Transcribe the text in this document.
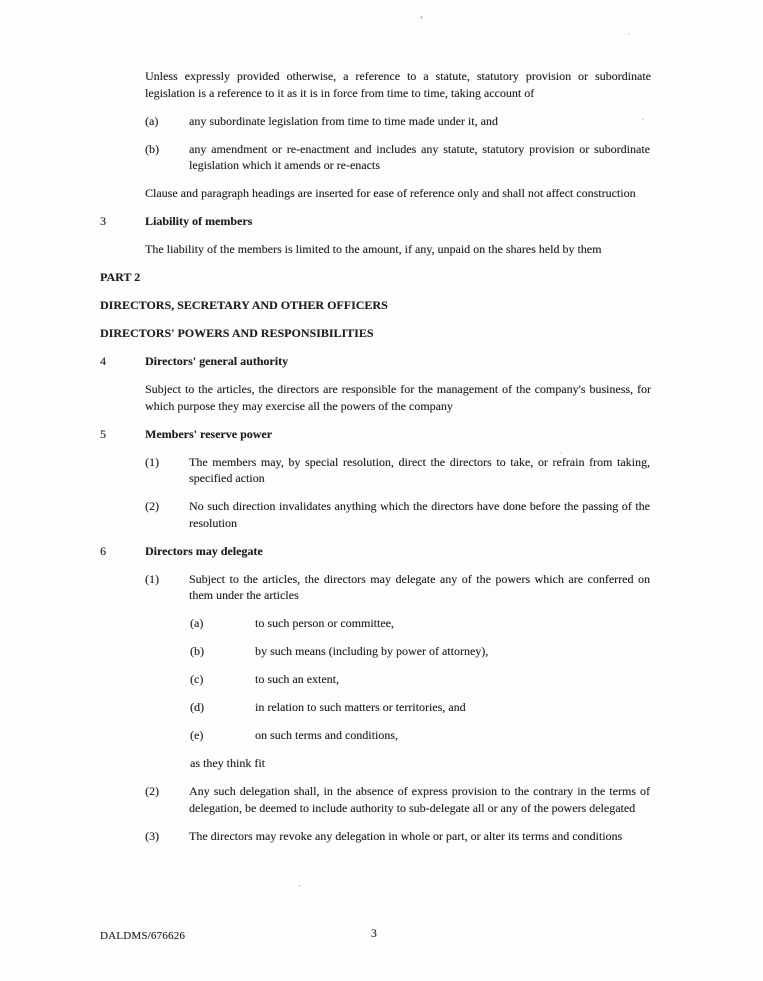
Unless expressly provided otherwise, a reference to a statute, statutory provision or subordinate legislation is a reference to it as it is in force from time to time, taking account of

(a)	any subordinate legislation from time to time made under it, and
(b)	any amendment or re-enactment and includes any statute, statutory provision or subordinate legislation which it amends or re-enacts

Clause and paragraph headings are inserted for ease of reference only and shall not affect construction

3	Liability of members

The liability of the members is limited to the amount, if any, unpaid on the shares held by them

PART 2

DIRECTORS, SECRETARY AND OTHER OFFICERS

DIRECTORS' POWERS AND RESPONSIBILITIES

4	Directors' general authority

Subject to the articles, the directors are responsible for the management of the company's business, for which purpose they may exercise all the powers of the company

5	Members' reserve power
(1)	The members may, by special resolution, direct the directors to take, or refrain from taking, specified action
(2)	No such direction invalidates anything which the directors have done before the passing of the resolution
6	Directors may delegate
(1)	Subject to the articles, the directors may delegate any of the powers which are conferred on them under the articles
(a)	to such person or committee,
(b)	by such means (including by power of attorney),
(c)	to such an extent,
(d)	in relation to such matters or territories, and
(e)	on such terms and conditions,

as they think fit

(2)	Any such delegation shall, in the absence of express provision to the contrary in the terms of delegation, be deemed to include authority to sub-delegate all or any of the powers delegated
(3)	The directors may revoke any delegation in whole or part, or alter its terms and conditions
DALDMS/676626	3
